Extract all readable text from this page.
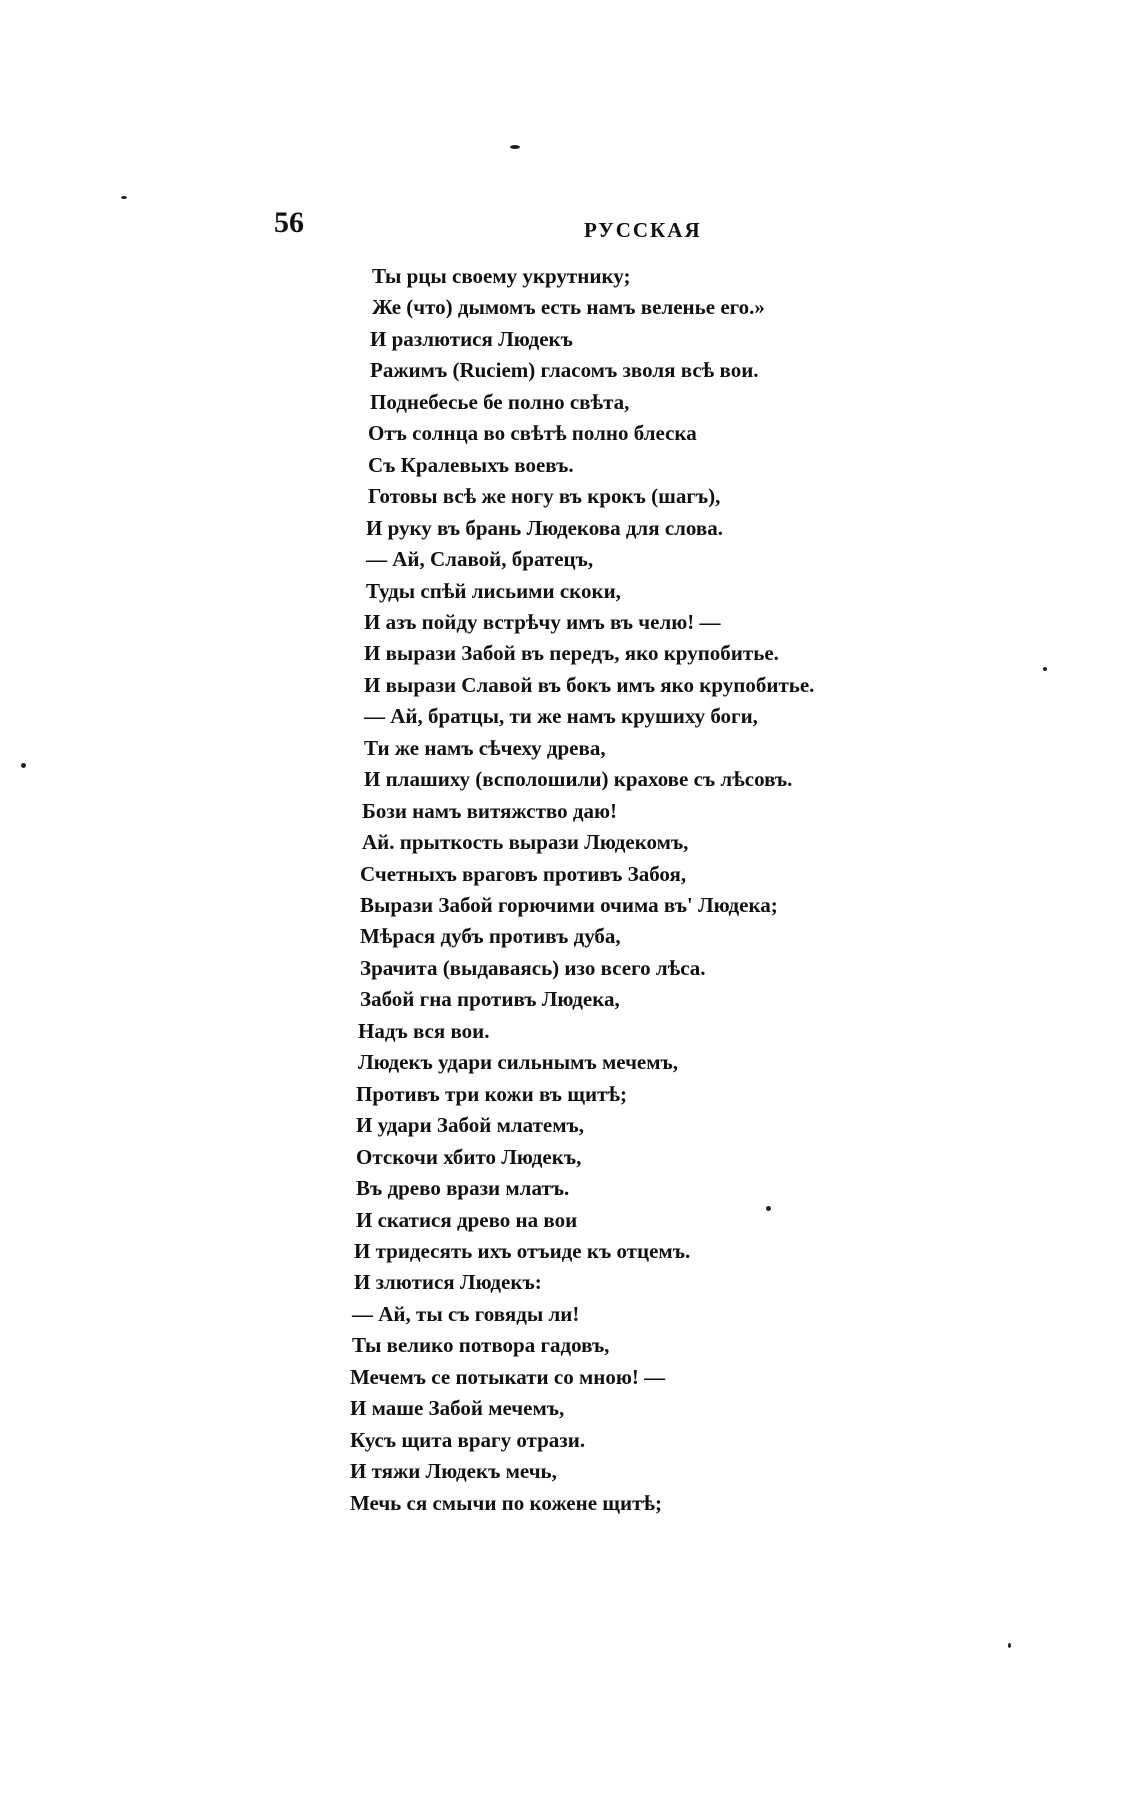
56	РУССКАЯ
Ты рцы своему укрутнику;
Же (что) дымомъ есть намъ веленье его.»
И разлютися Людекъ
Ражимъ (Ruciem) гласомъ зволя всѣ вои.
Поднебесье бе полно свѣта,
Отъ солнца во свѣтѣ полно блеска
Съ Кралевыхъ воевъ.
Готовы всѣ же ногу въ крокъ (шагъ),
И руку въ брань Людекова для слова.
— Ай, Славой, братецъ,
Туды спѣй лисьими скоки,
И азъ пойду встрѣчу имъ въ челю! —
И вырази Забой въ передъ, яко крупобитье.
И вырази Славой въ бокъ имъ яко крупобитье.
— Ай, братцы, ти же намъ крушиху боги,
Ти же намъ сѣчеху древа,
И плашиху (всполошили) крахове съ лѣсовъ.
Бози намъ витяжство даю!
Ай. прыткость вырази Людекомъ,
Счетныхъ враговъ противъ Забоя,
Вырази Забой горючими очима въ' Людека;
Мѣрася дубъ противъ дуба,
Зрачита (выдаваясь) изо всего лѣса.
Забой гна противъ Людека,
Надъ вся вои.
Людекъ удари сильнымъ мечемъ,
Противъ три кожи въ щитѣ;
И удари Забой млатемъ,
Отскочи хбито Людекъ,
Въ древо врази млатъ.
И скатися древо на вои
И тридесять ихъ отъиде къ отцемъ.
И злютися Людекъ:
— Ай, ты съ говяды ли!
Ты велико потвора гадовъ,
Мечемъ се потыкати со мною! —
И маше Забой мечемъ,
Кусъ щита врагу отрази.
И тяжи Людекъ мечь,
Мечь ся смычи по кожене щитѣ;
